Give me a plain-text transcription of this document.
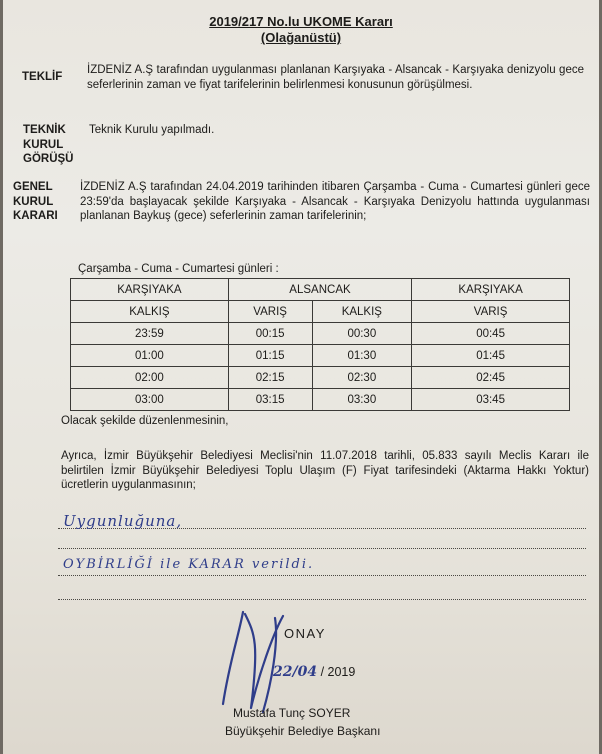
2019/217 No.lu UKOME Kararı
(Olağanüstü)
TEKLİF
İZDENİZ A.Ş tarafından uygulanması planlanan Karşıyaka - Alsancak - Karşıyaka denizyolu gece seferlerinin zaman ve fiyat tarifelerinin belirlenmesi konusunun görüşülmesi.
TEKNİK
KURUL
GÖRÜŞÜ
Teknik Kurulu yapılmadı.
GENEL
KURUL
KARARI
İZDENİZ A.Ş tarafından 24.04.2019 tarihinden itibaren Çarşamba - Cuma - Cumartesi günleri gece 23:59'da başlayacak şekilde Karşıyaka - Alsancak - Karşıyaka Denizyolu hattında uygulanması planlanan Baykuş (gece) seferlerinin zaman tarifelerinin;
Çarşamba - Cuma - Cumartesi günleri :
KARŞIYAKA	ALSANCAK		KARŞIYAKA
KALKIŞ	VARIŞ	KALKIŞ	VARIŞ
23:59	00:15	00:30	00:45
01:00	01:15	01:30	01:45
02:00	02:15	02:30	02:45
03:00	03:15	03:30	03:45
Olacak şekilde düzenlenmesinin,
Ayrıca, İzmir Büyükşehir Belediyesi Meclisi'nin 11.07.2018 tarihli, 05.833 sayılı Meclis Kararı ile belirtilen İzmir Büyükşehir Belediyesi Toplu Ulaşım (F) Fiyat tarifesindeki (Aktarma Hakkı Yoktur) ücretlerin uygulanmasının;
Uygunluğuna,
OYBİRLİĞİ ile KARAR verildi.
ONAY
22/04 / 2019
Mustafa Tunç SOYER
Büyükşehir Belediye Başkanı
